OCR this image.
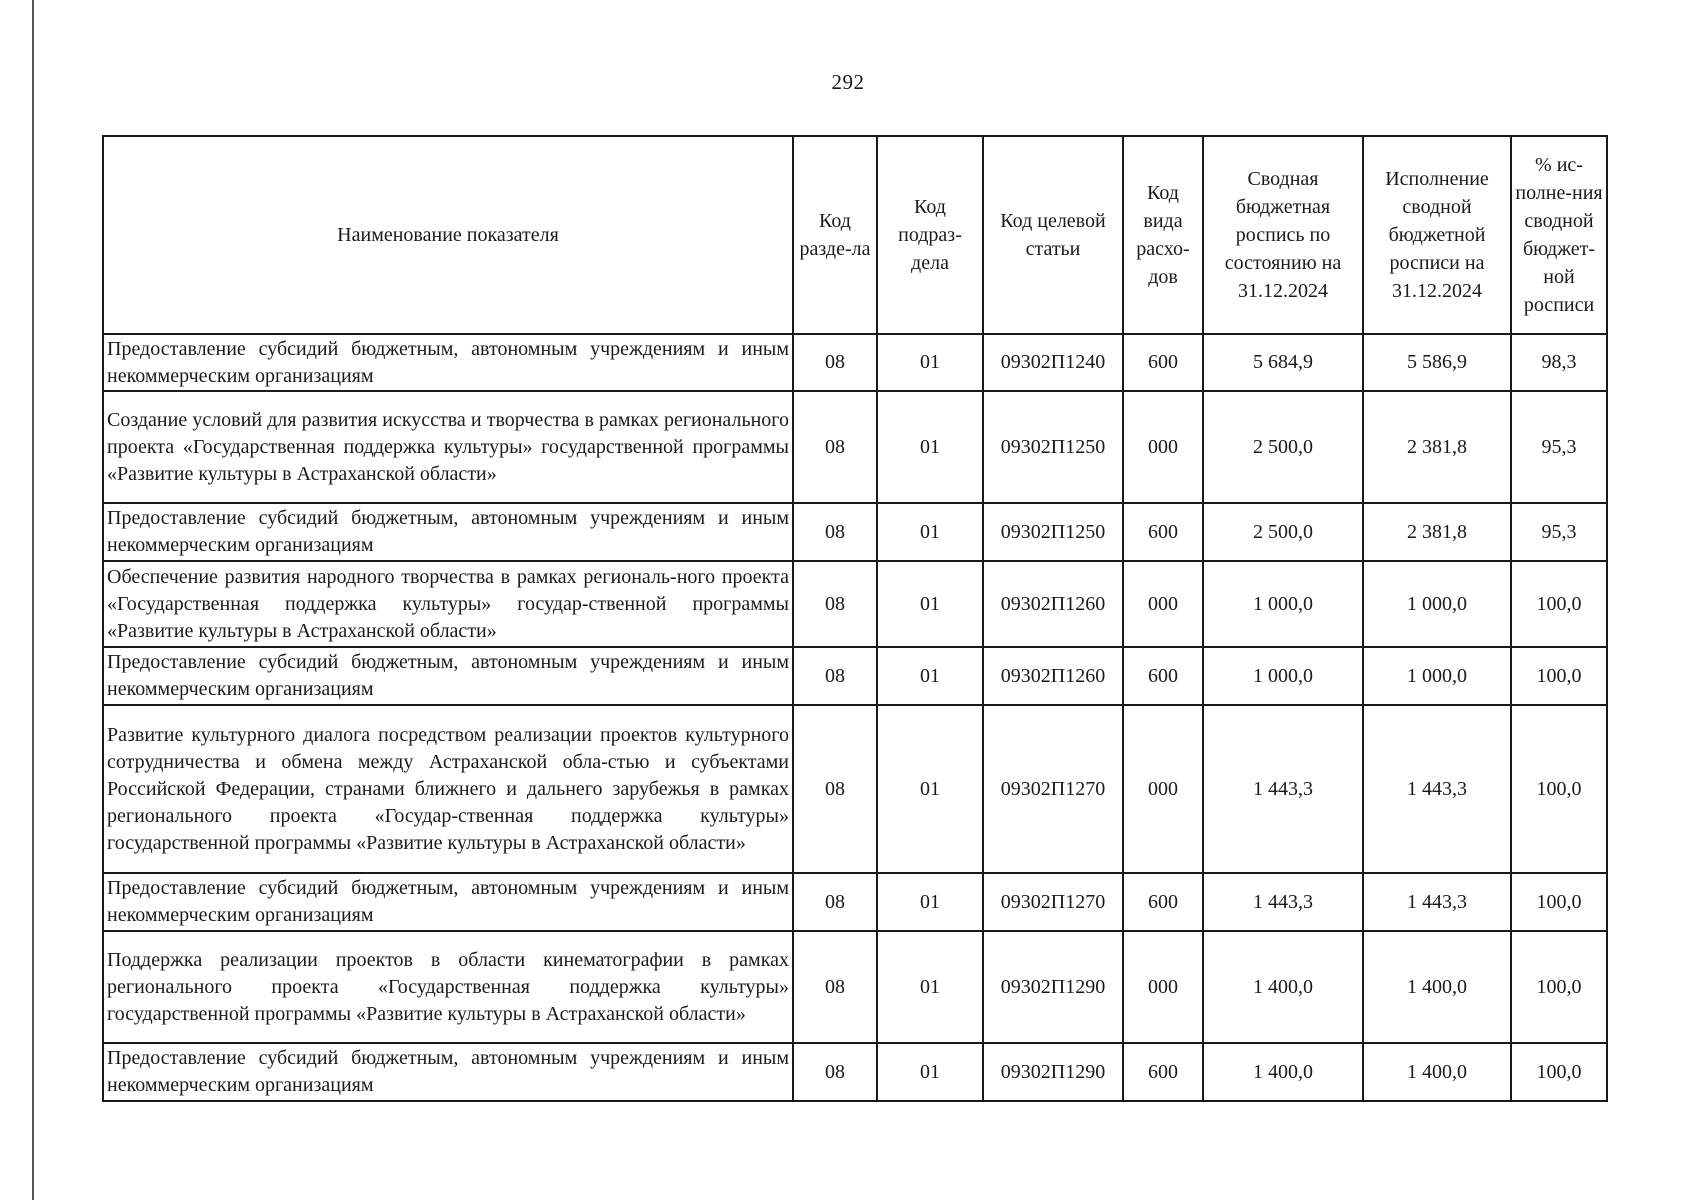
292
Наименование показателя	Код разде-ла	Код подраз-дела	Код целевой статьи	Код вида расхо-дов	Сводная бюджетная роспись по состоянию на 31.12.2024	Исполнение сводной бюджетной росписи на 31.12.2024	% ис-полне-ния сводной бюджет-ной росписи
Предоставление субсидий бюджетным, автономным учреждениям и иным некоммерческим организациям	08	01	09302П1240	600	5 684,9	5 586,9	98,3
Создание условий для развития искусства и творчества в рамках регионального проекта «Государственная поддержка культуры» государственной программы «Развитие культуры в Астраханской области»	08	01	09302П1250	000	2 500,0	2 381,8	95,3
Предоставление субсидий бюджетным, автономным учреждениям и иным некоммерческим организациям	08	01	09302П1250	600	2 500,0	2 381,8	95,3
Обеспечение развития народного творчества в рамках региональ-ного проекта «Государственная поддержка культуры» государ-ственной программы «Развитие культуры в Астраханской области»	08	01	09302П1260	000	1 000,0	1 000,0	100,0
Предоставление субсидий бюджетным, автономным учреждениям и иным некоммерческим организациям	08	01	09302П1260	600	1 000,0	1 000,0	100,0
Развитие культурного диалога посредством реализации проектов культурного сотрудничества и обмена между Астраханской обла-стью и субъектами Российской Федерации, странами ближнего и дальнего зарубежья в рамках регионального проекта «Государ-ственная поддержка культуры» государственной программы «Развитие культуры в Астраханской области»	08	01	09302П1270	000	1 443,3	1 443,3	100,0
Предоставление субсидий бюджетным, автономным учреждениям и иным некоммерческим организациям	08	01	09302П1270	600	1 443,3	1 443,3	100,0
Поддержка реализации проектов в области кинематографии в рамках регионального проекта «Государственная поддержка культуры» государственной программы «Развитие культуры в Астраханской области»	08	01	09302П1290	000	1 400,0	1 400,0	100,0
Предоставление субсидий бюджетным, автономным учреждениям и иным некоммерческим организациям	08	01	09302П1290	600	1 400,0	1 400,0	100,0
